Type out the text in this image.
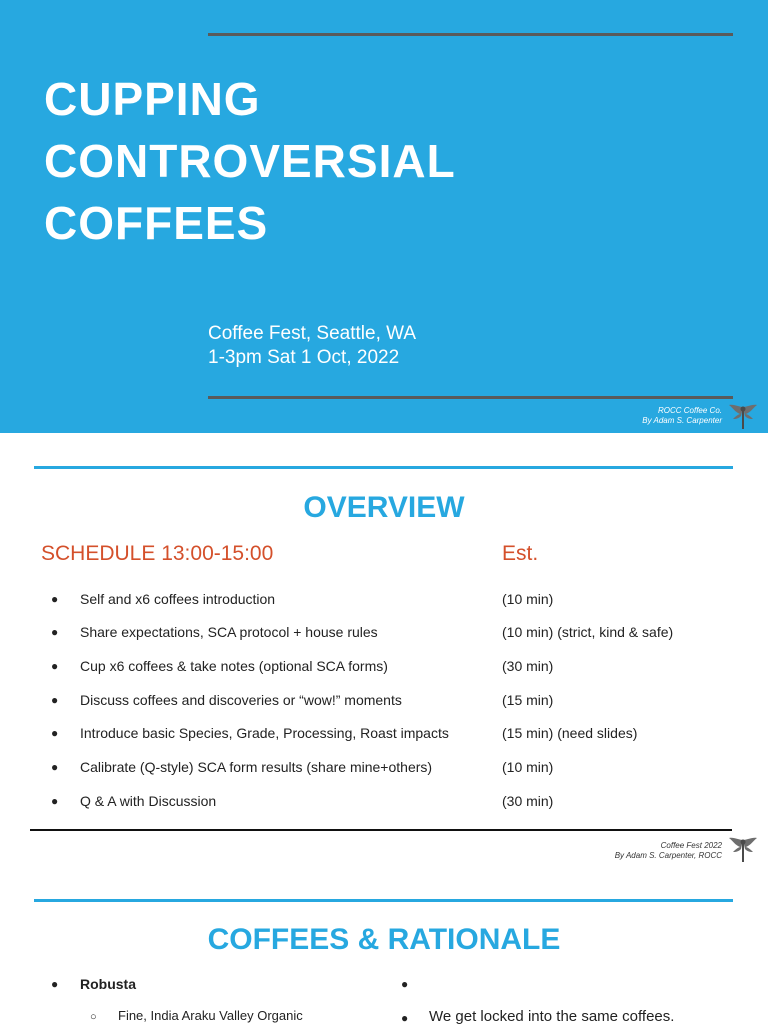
CUPPING
CONTROVERSIAL
COFFEES
Coffee Fest, Seattle, WA
1-3pm Sat 1 Oct, 2022
ROCC Coffee Co.
By Adam S. Carpenter
OVERVIEW
SCHEDULE 13:00-15:00	Est.
● Self and x6 coffees introduction	(10 min)
● Share expectations, SCA protocol + house rules	(10 min) (strict, kind & safe)
● Cup x6 coffees & take notes (optional SCA forms)	(30 min)
● Discuss coffees and discoveries or “wow!” moments	(15 min)
● Introduce basic Species, Grade, Processing, Roast impacts	(15 min) (need slides)
● Calibrate (Q-style) SCA form results (share mine+others)	(10 min)
● Q & A with Discussion	(30 min)
Coffee Fest 2022
By Adam S. Carpenter, ROCC
COFFEES & RATIONALE
● Robusta
○ Fine, India Araku Valley Organic
●
● We get locked into the same coffees.
